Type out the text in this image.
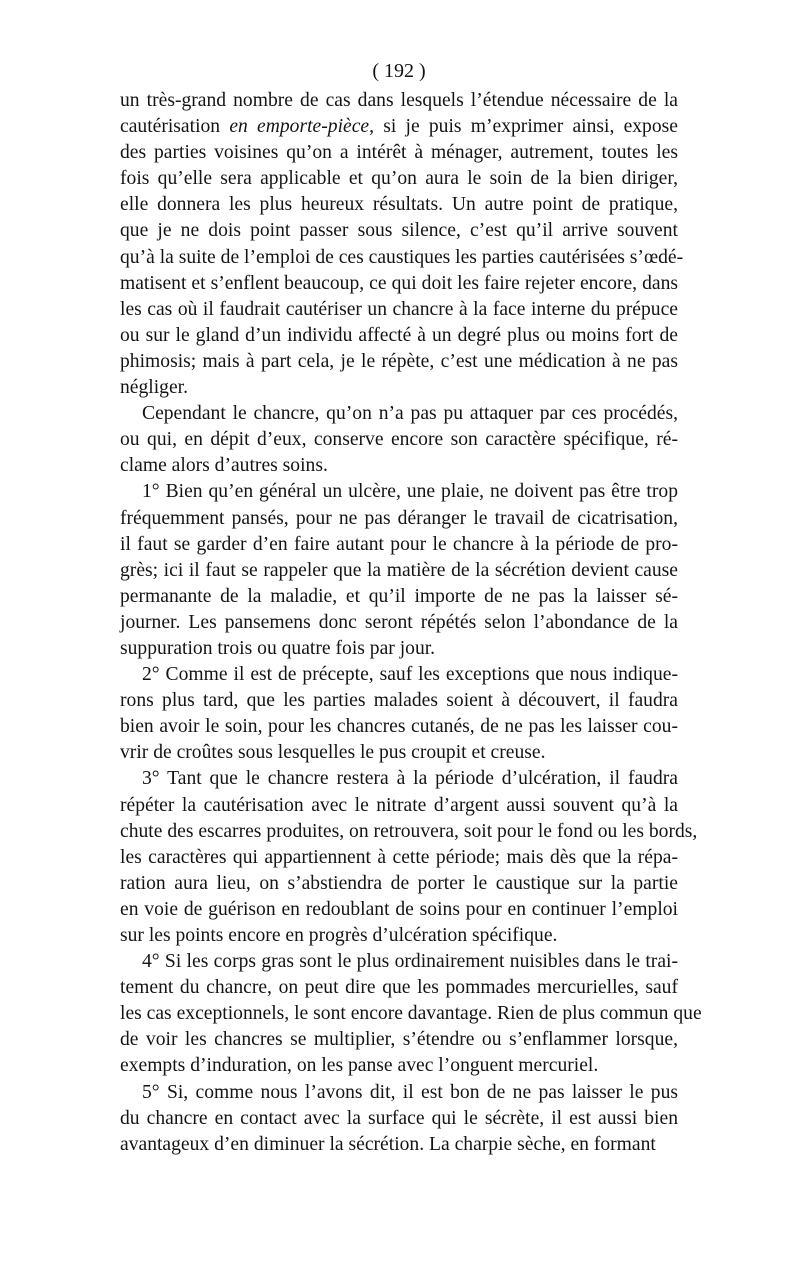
( 192 )
un très-grand nombre de cas dans lesquels l’étendue nécessaire de la
cautérisation en emporte-pièce, si je puis m’exprimer ainsi, expose
des parties voisines qu’on a intérêt à ménager, autrement, toutes les
fois qu’elle sera applicable et qu’on aura le soin de la bien diriger,
elle donnera les plus heureux résultats. Un autre point de pratique,
que je ne dois point passer sous silence, c’est qu’il arrive souvent
qu’à la suite de l’emploi de ces caustiques les parties cautérisées s’œdé-
matisent et s’enflent beaucoup, ce qui doit les faire rejeter encore, dans
les cas où il faudrait cautériser un chancre à la face interne du prépuce
ou sur le gland d’un individu affecté à un degré plus ou moins fort de
phimosis; mais à part cela, je le répète, c’est une médication à ne pas
négliger.
Cependant le chancre, qu’on n’a pas pu attaquer par ces procédés,
ou qui, en dépit d’eux, conserve encore son caractère spécifique, ré-
clame alors d’autres soins.
1° Bien qu’en général un ulcère, une plaie, ne doivent pas être trop
fréquemment pansés, pour ne pas déranger le travail de cicatrisation,
il faut se garder d’en faire autant pour le chancre à la période de pro-
grès; ici il faut se rappeler que la matière de la sécrétion devient cause
permanante de la maladie, et qu’il importe de ne pas la laisser sé-
journer. Les pansemens donc seront répétés selon l’abondance de la
suppuration trois ou quatre fois par jour.
2° Comme il est de précepte, sauf les exceptions que nous indique-
rons plus tard, que les parties malades soient à découvert, il faudra
bien avoir le soin, pour les chancres cutanés, de ne pas les laisser cou-
vrir de croûtes sous lesquelles le pus croupit et creuse.
3° Tant que le chancre restera à la période d’ulcération, il faudra
répéter la cautérisation avec le nitrate d’argent aussi souvent qu’à la
chute des escarres produites, on retrouvera, soit pour le fond ou les bords,
les caractères qui appartiennent à cette période; mais dès que la répa-
ration aura lieu, on s’abstiendra de porter le caustique sur la partie
en voie de guérison en redoublant de soins pour en continuer l’emploi
sur les points encore en progrès d’ulcération spécifique.
4° Si les corps gras sont le plus ordinairement nuisibles dans le trai-
tement du chancre, on peut dire que les pommades mercurielles, sauf
les cas exceptionnels, le sont encore davantage. Rien de plus commun que
de voir les chancres se multiplier, s’étendre ou s’enflammer lorsque,
exempts d’induration, on les panse avec l’onguent mercuriel.
5° Si, comme nous l’avons dit, il est bon de ne pas laisser le pus
du chancre en contact avec la surface qui le sécrète, il est aussi bien
avantageux d’en diminuer la sécrétion. La charpie sèche, en formant
